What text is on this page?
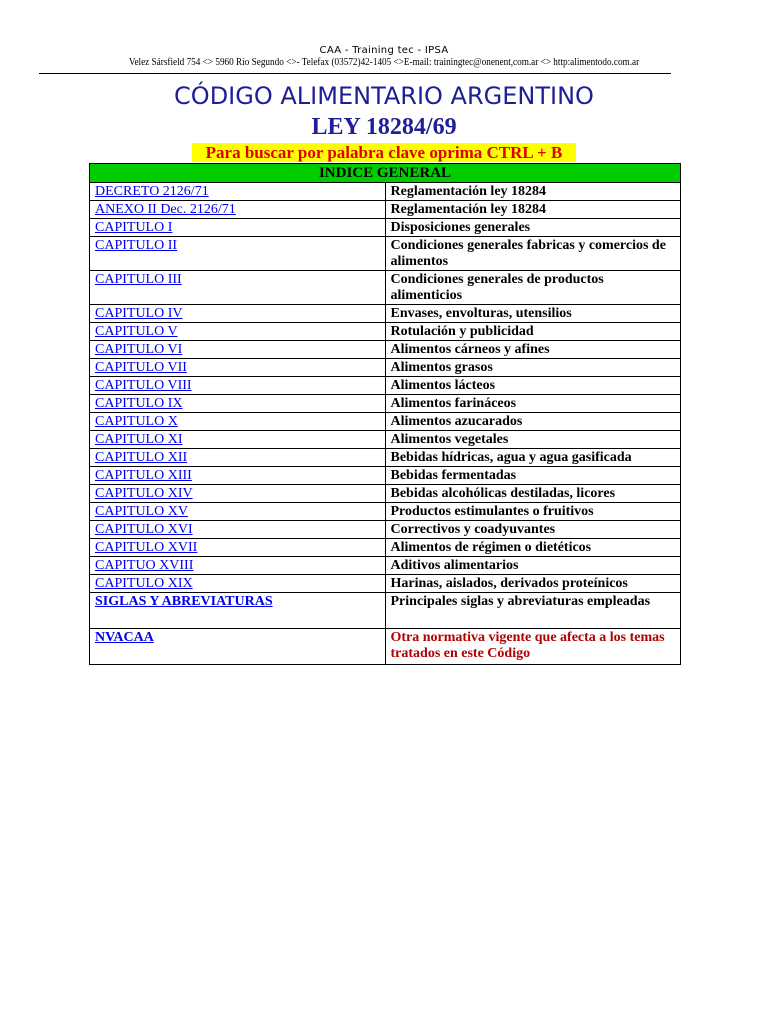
CAA - Training tec - IPSA
Velez Sársfield 754 <> 5960 Río Segundo <>- Telefax (03572)42-1405 <>E-mail: trainingtec@onenent,com.ar <> http:alimentodo.com.ar
CÓDIGO ALIMENTARIO ARGENTINO
LEY 18284/69
Para buscar por palabra clave oprima CTRL + B
INDICE GENERAL	
DECRETO 2126/71	Reglamentación ley 18284
ANEXO II Dec. 2126/71	Reglamentación ley 18284
CAPITULO I	Disposiciones generales
CAPITULO II	Condiciones generales fabricas y comercios de alimentos
CAPITULO III	Condiciones generales de productos alimenticios
CAPITULO IV	Envases, envolturas, utensilios
CAPITULO V	Rotulación y publicidad
CAPITULO VI	Alimentos cárneos y afines
CAPITULO VII	Alimentos grasos
CAPITULO VIII	Alimentos lácteos
CAPITULO IX	Alimentos farináceos
CAPITULO X	Alimentos azucarados
CAPITULO XI	Alimentos vegetales
CAPITULO XII	Bebidas hídricas, agua y agua gasificada
CAPITULO XIII	Bebidas fermentadas
CAPITULO XIV	Bebidas alcohólicas destiladas, licores
CAPITULO XV	Productos estimulantes o fruitivos
CAPITULO XVI	Correctivos y coadyuvantes
CAPITULO XVII	Alimentos de régimen o dietéticos
CAPITUO XVIII	Aditivos alimentarios
CAPITULO XIX	Harinas, aislados, derivados proteínicos
SIGLAS Y ABREVIATURAS	Principales siglas y abreviaturas empleadas
NVACAA	Otra normativa vigente que afecta a los temas tratados en este Código
